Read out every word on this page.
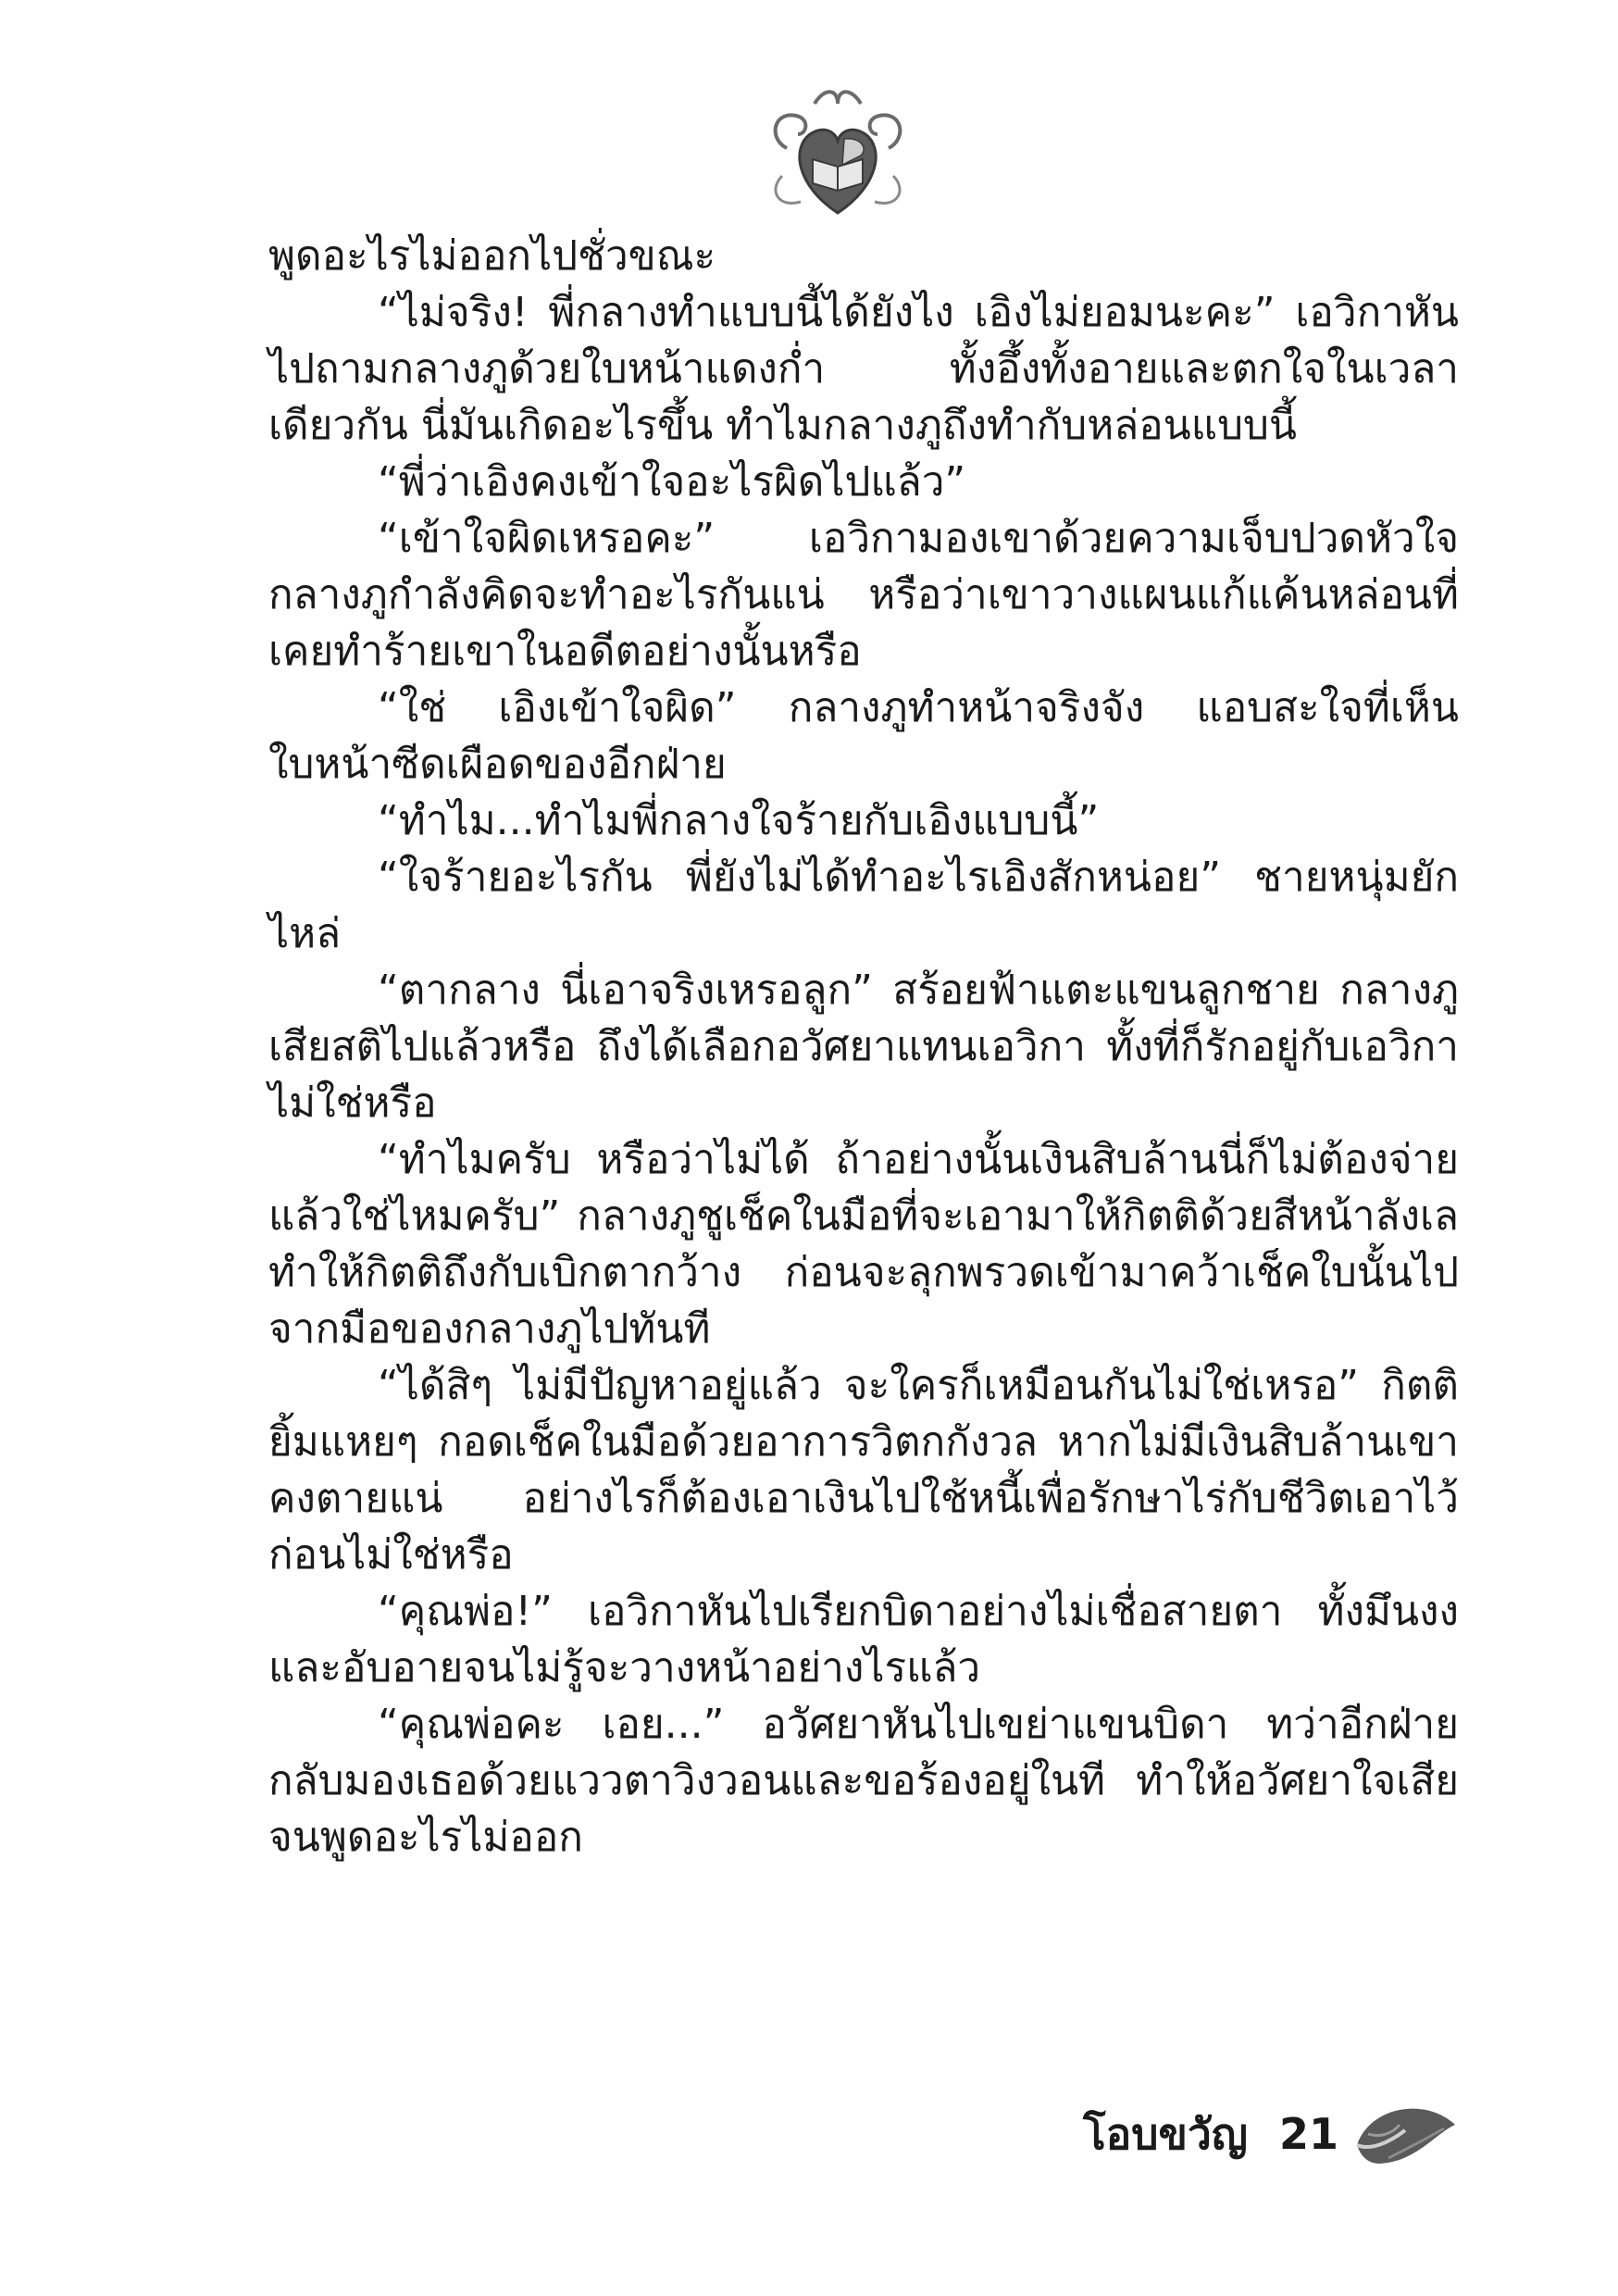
พูดอะไรไม่ออกไปชั่วขณะ

“ไม่จริง! พี่กลางทำแบบนี้ได้ยังไง เอิงไม่ยอมนะคะ” เอวิกาหันไปถามกลางภูด้วยใบหน้าแดงก่ำ ทั้งอึ้งทั้งอายและตกใจในเวลาเดียวกัน นี่มันเกิดอะไรขึ้น ทำไมกลางภูถึงทำกับหล่อนแบบนี้

“พี่ว่าเอิงคงเข้าใจอะไรผิดไปแล้ว”

“เข้าใจผิดเหรอคะ” เอวิกามองเขาด้วยความเจ็บปวดหัวใจ กลางภูกำลังคิดจะทำอะไรกันแน่ หรือว่าเขาวางแผนแก้แค้นหล่อนที่เคยทำร้ายเขาในอดีตอย่างนั้นหรือ

“ใช่ เอิงเข้าใจผิด” กลางภูทำหน้าจริงจัง แอบสะใจที่เห็นใบหน้าซีดเผือดของอีกฝ่าย

“ทำไม...ทำไมพี่กลางใจร้ายกับเอิงแบบนี้”

“ใจร้ายอะไรกัน พี่ยังไม่ได้ทำอะไรเอิงสักหน่อย” ชายหนุ่มยักไหล่

“ตากลาง นี่เอาจริงเหรอลูก” สร้อยฟ้าแตะแขนลูกชาย กลางภูเสียสติไปแล้วหรือ ถึงได้เลือกอวัศยาแทนเอวิกา ทั้งที่ก็รักอยู่กับเอวิกาไม่ใช่หรือ

“ทำไมครับ หรือว่าไม่ได้ ถ้าอย่างนั้นเงินสิบล้านนี่ก็ไม่ต้องจ่ายแล้วใช่ไหมครับ” กลางภูชูเช็คในมือที่จะเอามาให้กิตติด้วยสีหน้าลังเล ทำให้กิตติถึงกับเบิกตากว้าง ก่อนจะลุกพรวดเข้ามาคว้าเช็คใบนั้นไปจากมือของกลางภูไปทันที

“ได้สิๆ ไม่มีปัญหาอยู่แล้ว จะใครก็เหมือนกันไม่ใช่เหรอ” กิตติยิ้มแหยๆ กอดเช็คในมือด้วยอาการวิตกกังวล หากไม่มีเงินสิบล้านเขาคงตายแน่ อย่างไรก็ต้องเอาเงินไปใช้หนี้เพื่อรักษาไร่กับชีวิตเอาไว้ก่อนไม่ใช่หรือ

“คุณพ่อ!” เอวิกาหันไปเรียกบิดาอย่างไม่เชื่อสายตา ทั้งมึนงงและอับอายจนไม่รู้จะวางหน้าอย่างไรแล้ว

“คุณพ่อคะ เอย...” อวัศยาหันไปเขย่าแขนบิดา ทว่าอีกฝ่ายกลับมองเธอด้วยแววตาวิงวอนและขอร้องอยู่ในที ทำให้อวัศยาใจเสียจนพูดอะไรไม่ออก

โอบขวัญ 21
